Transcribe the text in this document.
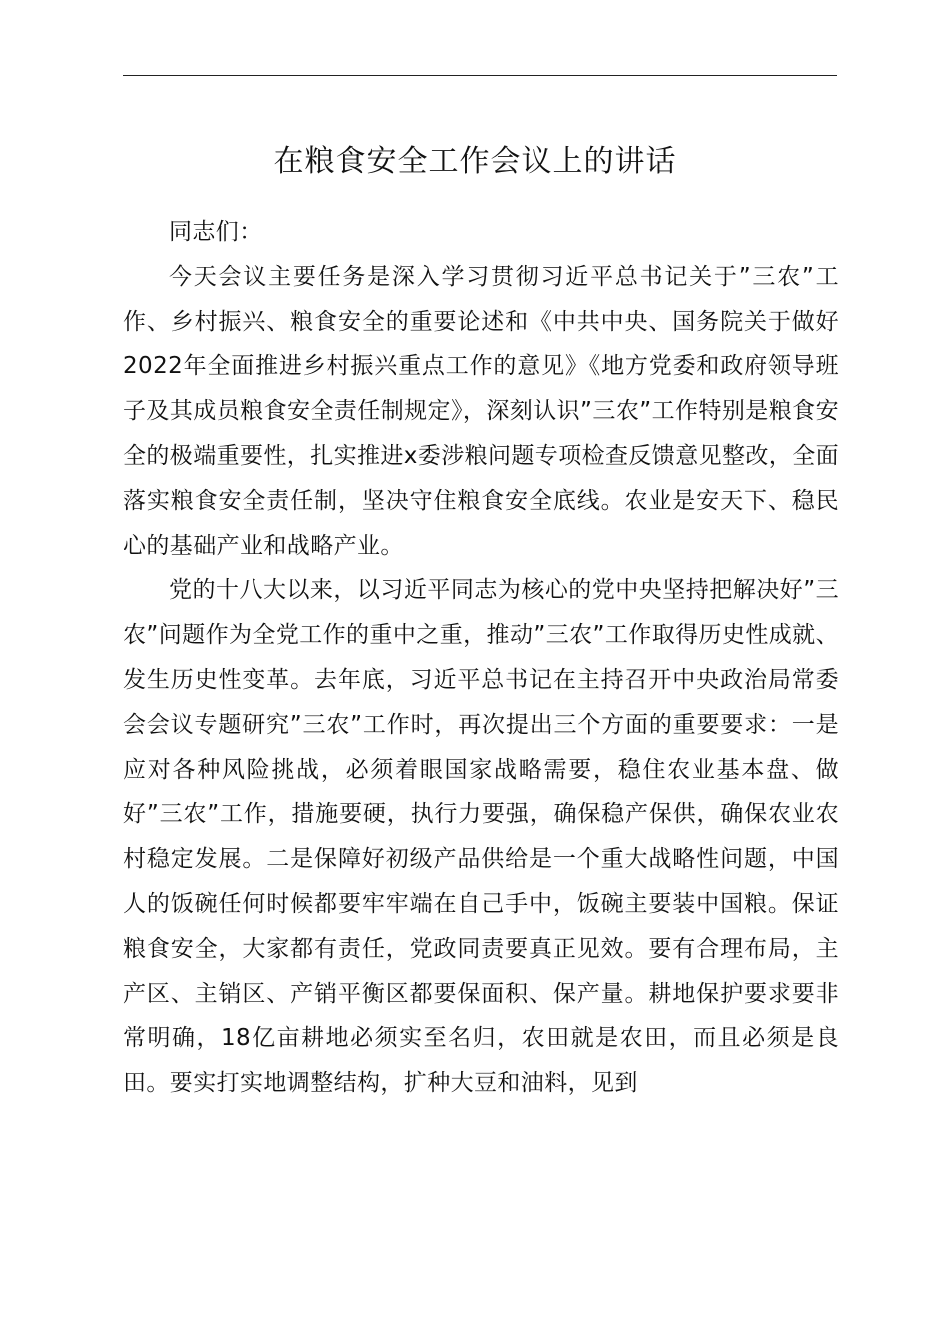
在粮食安全工作会议上的讲话

同志们：

今天会议主要任务是深入学习贯彻习近平总书记关于”三农”工作、乡村振兴、粮食安全的重要论述和《中共中央、国务院关于做好2022年全面推进乡村振兴重点工作的意见》《地方党委和政府领导班子及其成员粮食安全责任制规定》，深刻认识”三农”工作特别是粮食安全的极端重要性，扎实推进x委涉粮问题专项检查反馈意见整改，全面落实粮食安全责任制，坚决守住粮食安全底线。农业是安天下、稳民心的基础产业和战略产业。

党的十八大以来，以习近平同志为核心的党中央坚持把解决好”三农”问题作为全党工作的重中之重，推动”三农”工作取得历史性成就、发生历史性变革。去年底，习近平总书记在主持召开中央政治局常委会会议专题研究”三农”工作时，再次提出三个方面的重要要求：一是应对各种风险挑战，必须着眼国家战略需要，稳住农业基本盘、做好”三农”工作，措施要硬，执行力要强，确保稳产保供，确保农业农村稳定发展。二是保障好初级产品供给是一个重大战略性问题，中国人的饭碗任何时候都要牢牢端在自己手中，饭碗主要装中国粮。保证粮食安全，大家都有责任，党政同责要真正见效。要有合理布局，主产区、主销区、产销平衡区都要保面积、保产量。耕地保护要求要非常明确，18亿亩耕地必须实至名归，农田就是农田，而且必须是良田。要实打实地调整结构，扩种大豆和油料，见到
